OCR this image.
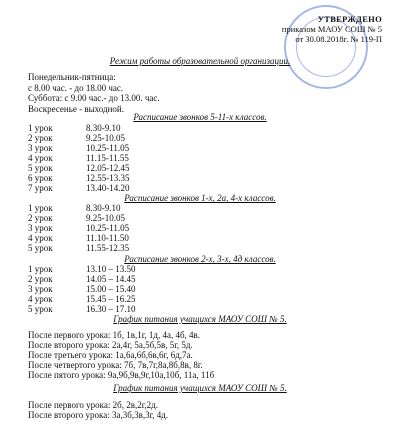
УТВЕРЖДЕНО
приказом МАОУ СОШ № 5
от 30.08.2018г. № 119-П
Режим работы образовательной организации.
Понедельник-пятница:
с 8.00 час. - до 18.00 час.
Суббота: с 9.00 час.- до 13.00. час.
Воскресенье - выходной.
Расписание звонков 5-11-х классов.
1 урок	8.30-9.10
2 урок	9.25-10.05
3 урок	10.25-11.05
4 урок	11.15-11.55
5 урок	12.05-12.45
6 урок	12.55-13.35
7 урок	13.40-14.20
Расписание звонков 1-х, 2а, 4-х классов.
1 урок	8.30-9.10
2 урок	9.25-10.05
3 урок	10.25-11.05
4 урок	11.10-11.50
5 урок	11.55-12.35
Расписание звонков 2-х, 3-х, 4д классов.
1 урок	13.10 – 13.50
2 урок	14.05 – 14.45
3 урок	15.00 – 15.40
4 урок	15.45 – 16.25
5 урок	16.30 – 17.10
График питания учащихся МАОУ СОШ № 5.
После первого урока: 1б, 1в,1г, 1д, 4а, 4б, 4в.
После второго урока: 2а,4г, 5а,5б,5в, 5г, 5д.
После третьего урока: 1а,6а,6б,6в,6г, 6д,7а.
После четвертого урока: 7б, 7в,7г,8а,8б,8в, 8г.
После пятого урока: 9а,9б,9в,9г,10а,10б, 11а, 11б
График питания учащихся МАОУ СОШ № 5.
После первого урока: 2б, 2в,2г,2д.
После второго урока: 3а,3б,3в,3г, 4д.
